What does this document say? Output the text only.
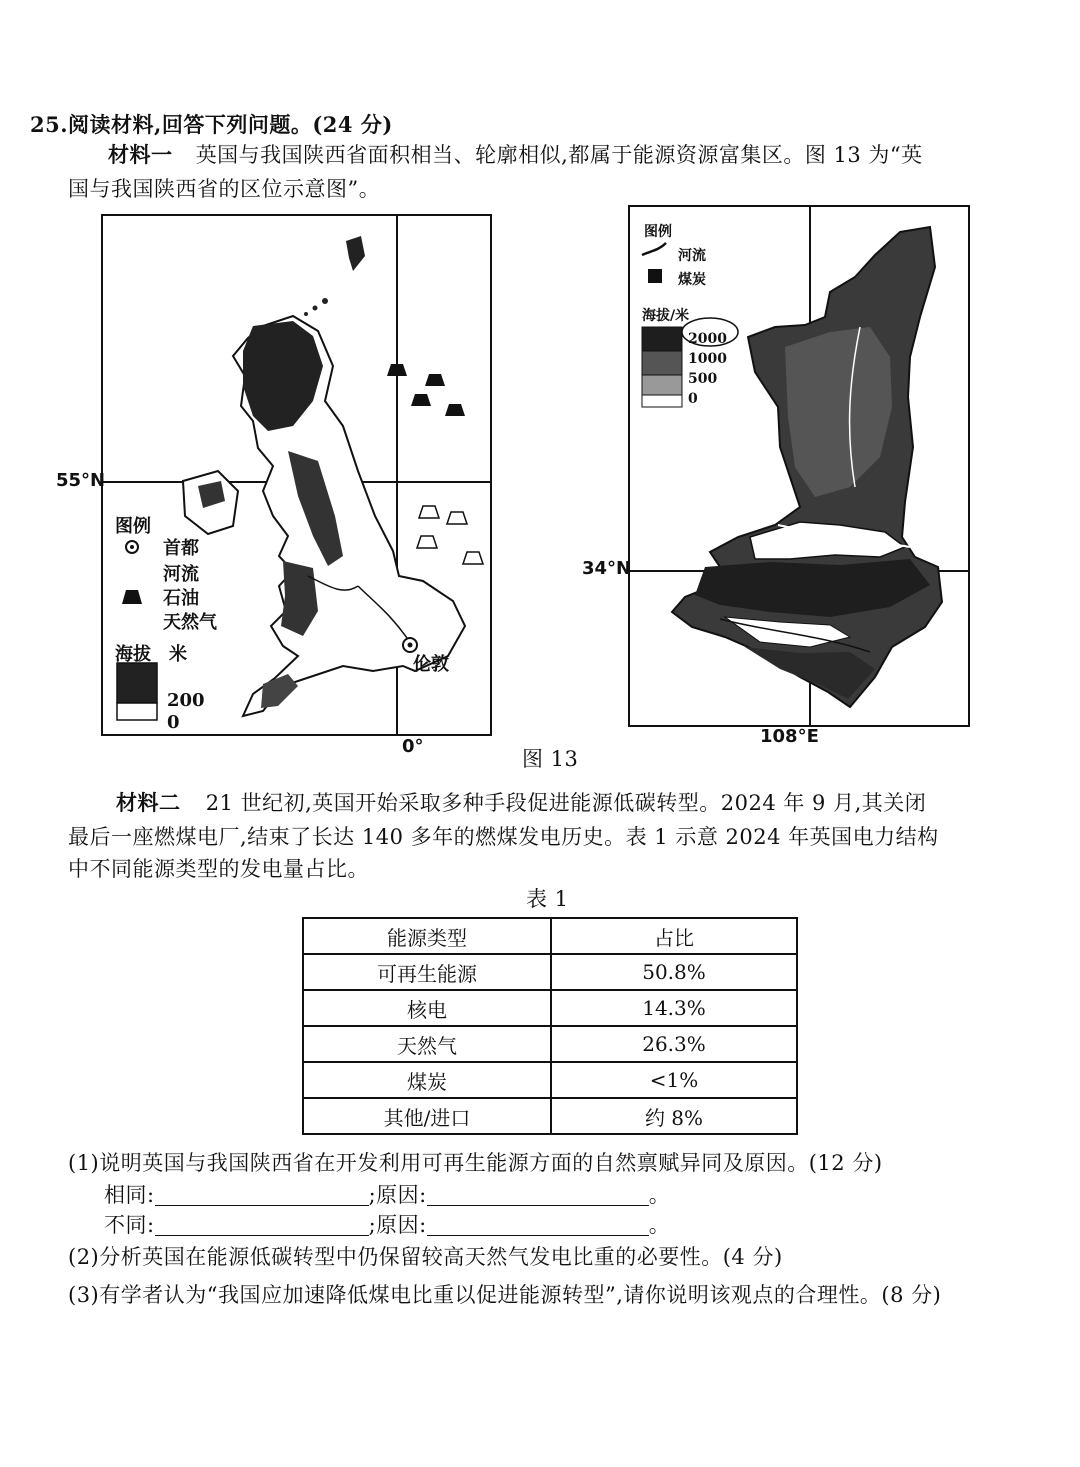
25.阅读材料,回答下列问题。(24 分)
材料一 英国与我国陕西省面积相当、轮廓相似,都属于能源资源富集区。图 13 为“英
国与我国陕西省的区位示意图”。
图例
首都
河流
石油
天然气
海拔 米
200
0
伦敦
55°N
0°
图例
河流
煤炭
海拔/米
2000
1000
500
0
34°N
108°E
图 13
材料二 21 世纪初,英国开始采取多种手段促进能源低碳转型。2024 年 9 月,其关闭
最后一座燃煤电厂,结束了长达 140 多年的燃煤发电历史。表 1 示意 2024 年英国电力结构
中不同能源类型的发电量占比。
表 1
能源类型	占比
可再生能源	50.8%
核电	14.3%
天然气	26.3%
煤炭	<1%
其他/进口	约 8%
(1)说明英国与我国陕西省在开发利用可再生能源方面的自然禀赋异同及原因。(12 分)
相同:	;原因:	。
不同:	;原因:	。
(2)分析英国在能源低碳转型中仍保留较高天然气发电比重的必要性。(4 分)
(3)有学者认为“我国应加速降低煤电比重以促进能源转型”,请你说明该观点的合理性。(8 分)
